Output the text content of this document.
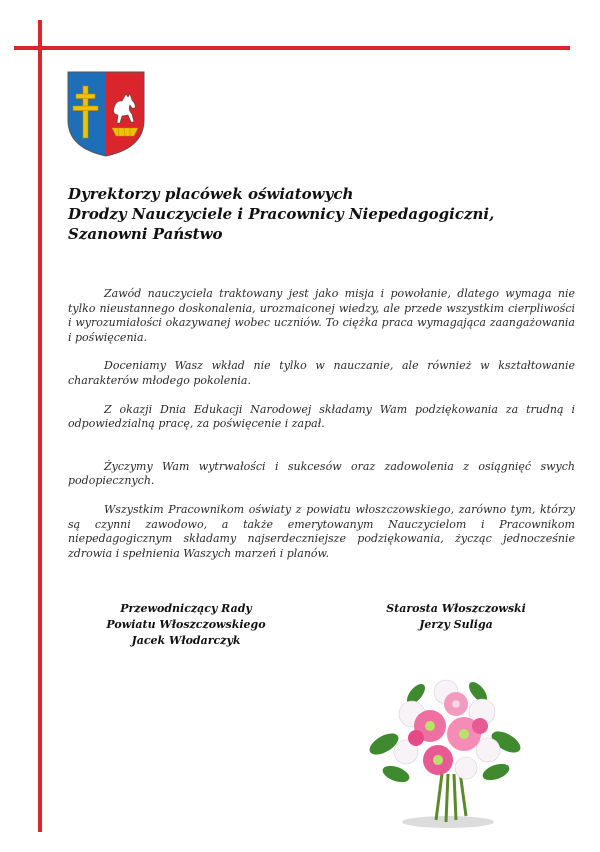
Dyrektorzy placówek oświatowych
Drodzy Nauczyciele i Pracownicy Niepedagogiczni,
Szanowni Państwo

Zawód nauczyciela traktowany jest jako misja i powołanie, dlatego wymaga nie tylko nieustannego doskonalenia, urozmaiconej wiedzy, ale przede wszystkim cierpliwości i wyrozumiałości okazywanej wobec uczniów. To ciężka praca wymagająca zaangażowania i poświęcenia.

Doceniamy Wasz wkład nie tylko w nauczanie, ale również w kształtowanie charakterów młodego pokolenia.

Z okazji Dnia Edukacji Narodowej składamy Wam podziękowania za trudną i odpowiedzialną pracę, za poświęcenie i zapał.

Życzymy Wam wytrwałości i sukcesów oraz zadowolenia z osiągnięć swych podopiecznych.

Wszystkim Pracownikom oświaty z powiatu włoszczowskiego, zarówno tym, którzy są czynni zawodowo, a także emerytowanym Nauczycielom i Pracownikom niepedagogicznym składamy najserdeczniejsze podziękowania, życząc jednocześnie zdrowia i spełnienia Waszych marzeń i planów.

Przewodniczący Rady
Powiatu Włoszczowskiego
Jacek Włodarczyk
Starosta Włoszczowski
Jerzy Suliga
